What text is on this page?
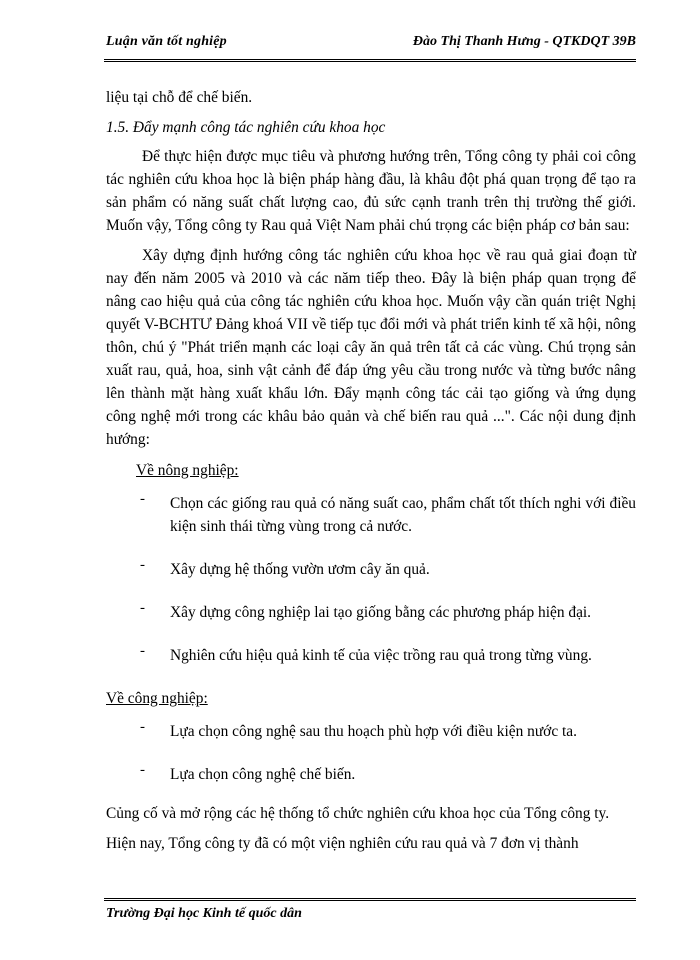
Luận văn tốt nghiệp	Đào Thị Thanh Hưng - QTKDQT 39B

liệu tại chỗ để chế biến.

1.5. Đẩy mạnh công tác nghiên cứu khoa học

Để thực hiện được mục tiêu và phương hướng trên, Tổng công ty phải coi công tác nghiên cứu khoa học là biện pháp hàng đầu, là khâu đột phá quan trọng để tạo ra sản phẩm có năng suất chất lượng cao, đủ sức cạnh tranh trên thị trường thế giới. Muốn vậy, Tổng công ty Rau quả Việt Nam phải chú trọng các biện pháp cơ bản sau:

Xây dựng định hướng công tác nghiên cứu khoa học về rau quả giai đoạn từ nay đến năm 2005 và 2010 và các năm tiếp theo. Đây là biện pháp quan trọng để nâng cao hiệu quả của công tác nghiên cứu khoa học. Muốn vậy cần quán triệt Nghị quyết V-BCHTƯ Đảng khoá VII về tiếp tục đổi mới và phát triển kinh tế xã hội, nông thôn, chú ý "Phát triển mạnh các loại cây ăn quả trên tất cả các vùng. Chú trọng sản xuất rau, quả, hoa, sinh vật cảnh để đáp ứng yêu cầu trong nước và từng bước nâng lên thành mặt hàng xuất khẩu lớn. Đẩy mạnh công tác cải tạo giống và ứng dụng công nghệ mới trong các khâu bảo quản và chế biến rau quả ...". Các nội dung định hướng:

Về nông nghiệp:

- Chọn các giống rau quả có năng suất cao, phẩm chất tốt thích nghi với điều kiện sinh thái từng vùng trong cả nước.
- Xây dựng hệ thống vườn ươm cây ăn quả.
- Xây dựng công nghiệp lai tạo giống bằng các phương pháp hiện đại.
- Nghiên cứu hiệu quả kinh tế của việc trồng rau quả trong từng vùng.

Về công nghiệp:

- Lựa chọn công nghệ sau thu hoạch phù hợp với điều kiện nước ta.
- Lựa chọn công nghệ chế biến.

Củng cố và mở rộng các hệ thống tổ chức nghiên cứu khoa học của Tổng công ty.

Hiện nay, Tổng công ty đã có một viện nghiên cứu rau quả và 7 đơn vị thành

Trường Đại học Kinh tế quốc dân
